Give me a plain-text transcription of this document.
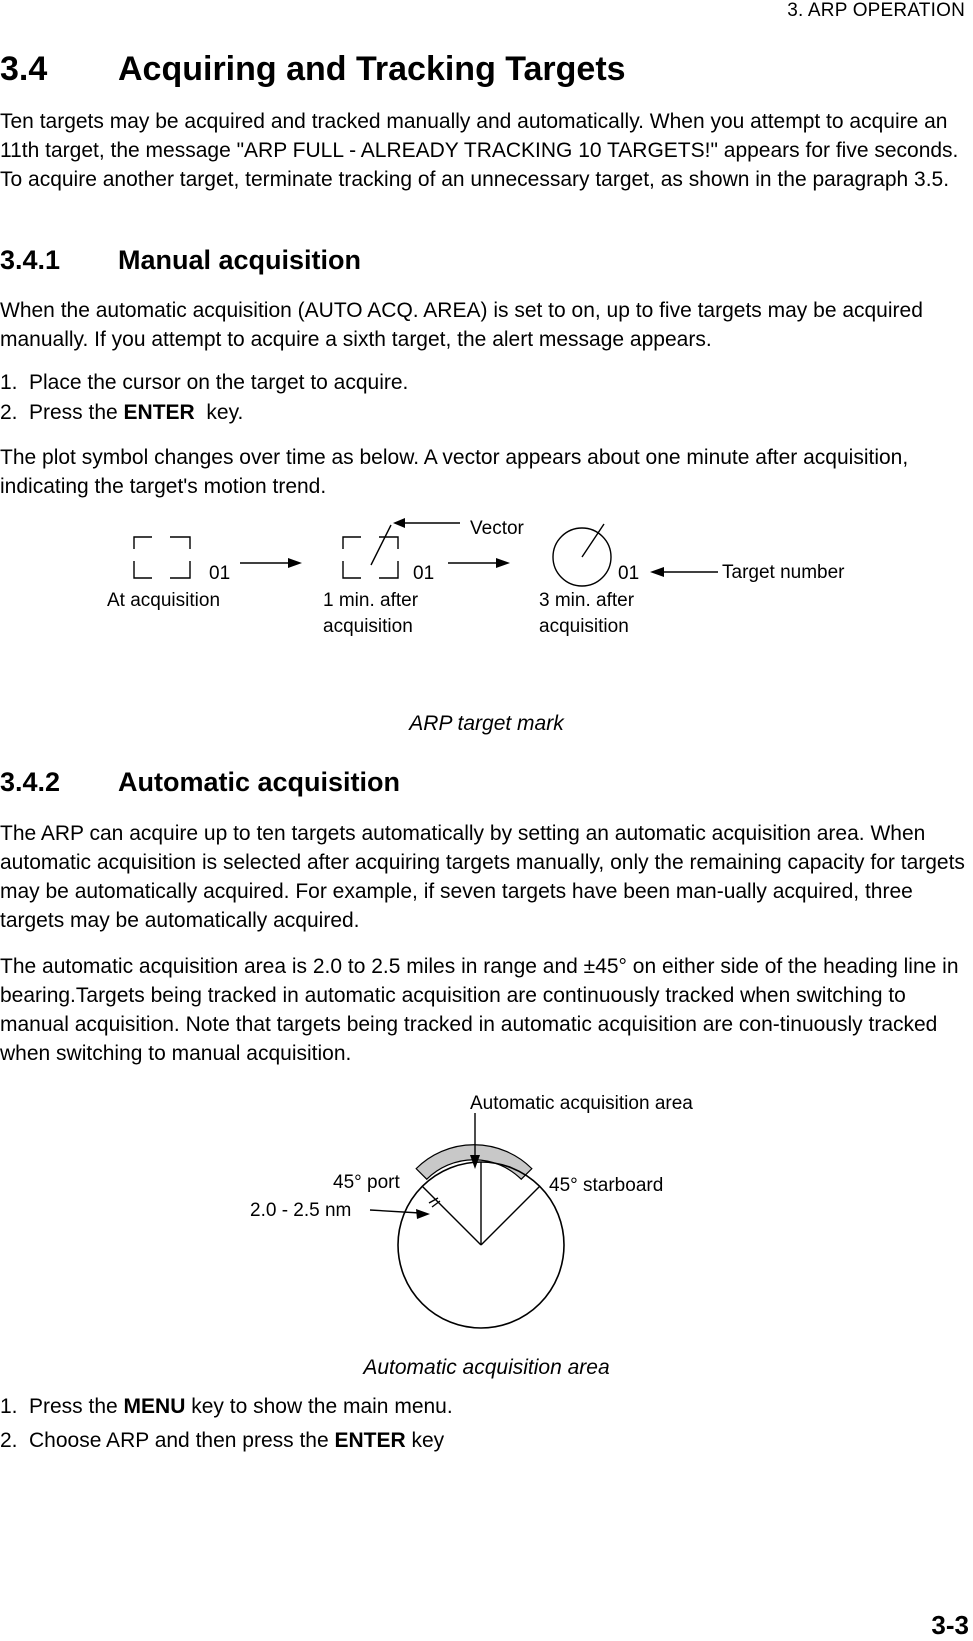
3. ARP OPERATION
3.4 Acquiring and Tracking Targets
Ten targets may be acquired and tracked manually and automatically. When you attempt to acquire an 11th target, the message "ARP FULL - ALREADY TRACKING 10 TARGETS!" appears for five seconds. To acquire another target, terminate tracking of an unnecessary target, as shown in the paragraph 3.5.
3.4.1 Manual acquisition
When the automatic acquisition (AUTO ACQ. AREA) is set to on, up to five targets may be acquired manually. If you attempt to acquire a sixth target, the alert message appears.
1. Place the cursor on the target to acquire.
2. Press the ENTER  key.
The plot symbol changes over time as below. A vector appears about one minute after acquisition, indicating the target's motion trend.
01	01	01
Vector
Target number
At acquisition	1 min. after
acquisition
3 min. after
acquisition
ARP target mark
3.4.2 Automatic acquisition
The ARP can acquire up to ten targets automatically by setting an automatic acquisition area. When automatic acquisition is selected after acquiring targets manually, only the remaining capacity for targets may be automatically acquired. For example, if seven targets have been man-ually acquired, three targets may be automatically acquired.
The automatic acquisition area is 2.0 to 2.5 miles in range and ±45° on either side of the heading line in bearing.Targets being tracked in automatic acquisition are continuously tracked when switching to manual acquisition. Note that targets being tracked in automatic acquisition are con-tinuously tracked when switching to manual acquisition.
Automatic acquisition area
45° port	45° starboard
2.0 - 2.5 nm
Automatic acquisition area
1. Press the MENU key to show the main menu.
2. Choose ARP and then press the ENTER key
3-3
